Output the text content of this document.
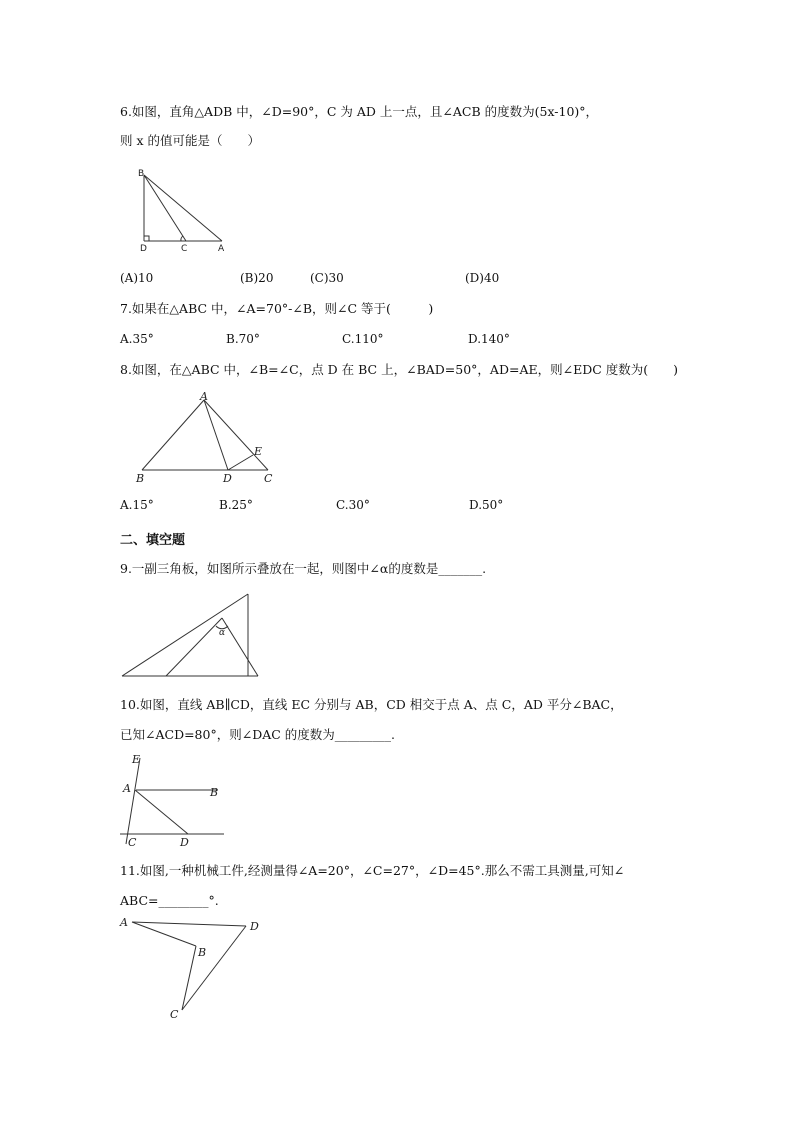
6.如图，直角△ADB 中，∠D=90°，C 为 AD 上一点，且∠ACB 的度数为(5x-10)°，
则 x 的值可能是（　　）
B
D	C	A
(A)10	(B)20	(C)30	(D)40
7.如果在△ABC 中，∠A=70°-∠B，则∠C 等于(　　　)
A.35°	B.70°	C.110°	D.140°
8.如图，在△ABC 中，∠B=∠C，点 D 在 BC 上，∠BAD=50°，AD=AE，则∠EDC 度数为(　　)
A
B	D
E
C
A.15°	B.25°	C.30°	D.50°
二、填空题
9.一副三角板，如图所示叠放在一起，则图中∠α的度数是_______.
α
10.如图，直线 AB∥CD，直线 EC 分别与 AB，CD 相交于点 A、点 C，AD 平分∠BAC，
已知∠ACD=80°，则∠DAC 的度数为_________.
E
A	B
C	D
11.如图,一种机械工件,经测量得∠A=20°，∠C=27°，∠D=45°.那么不需工具测量,可知∠
ABC=________°.
A
B
C
D
